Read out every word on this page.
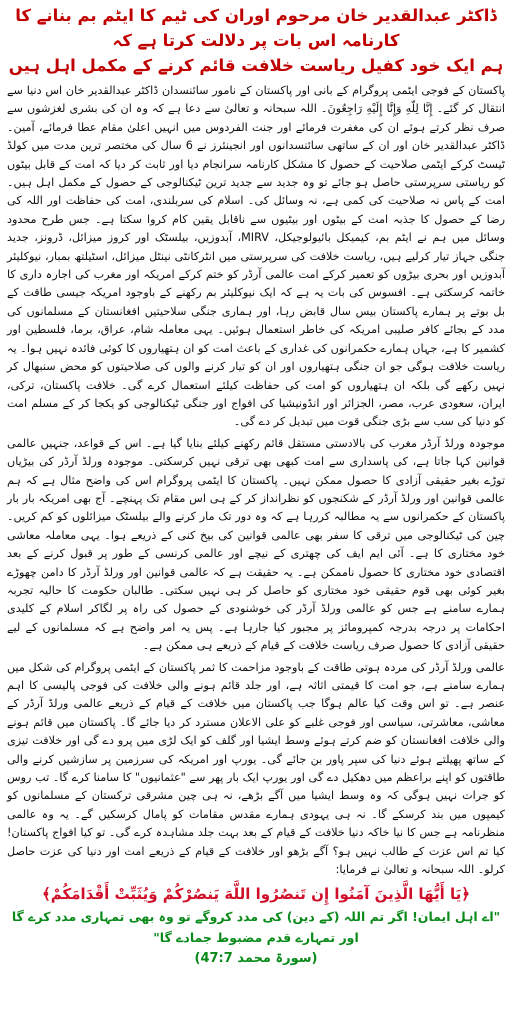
ڈاکٹر عبدالقدیر خان مرحوم اوران کی ٹیم کا ایٹم بم بنانے کا کارنامہ اس بات پر دلالت کرتا ہے کہ
ہم ایک خود کفیل ریاست خلافت قائم کرنے کے مکمل اہل ہیں

پاکستان کے فوجی ایٹمی پروگرام کے بانی اور پاکستان کے نامور سائنسدان ڈاکٹر عبدالقدیر خان اس دنیا سے انتقال کر گئے۔ إِنَّا لِلّهِ وَإِنَّا إِلَيْهِ رَاجِعُونَ۔ اللہ سبحانہ و تعالیٰ سے دعا ہے کہ وہ ان کی بشری لغزشوں سے صرف نظر کرتے ہوئے ان کی مغفرت فرمائے اور جنت الفردوس میں انہیں اعلیٰ مقام عطا فرمائے، آمین۔ ڈاکٹر عبدالقدیر خان اور ان کے ساتھی سائنسدانوں اور انجینئرز نے 6 سال کی مختصر ترین مدت میں کولڈ ٹیسٹ کرکے ایٹمی صلاحیت کے حصول کا مشکل کارنامہ سرانجام دیا اور ثابت کر دیا کہ امت کے قابل بیٹوں کو ریاستی سرپرستی حاصل ہو جائے تو وہ جدید سے جدید ترین ٹیکنالوجی کے حصول کے مکمل اہل ہیں۔ امت کے پاس نہ صلاحیت کی کمی ہے، نہ وسائل کی۔ اسلام کی سربلندی، امت کی حفاظت اور اللہ کی رضا کے حصول کا جذبہ امت کے بیٹوں اور بیٹیوں سے ناقابل یقین کام کروا سکتا ہے۔ جس طرح محدود وسائل میں ہم نے ایٹم بم، کیمیکل بائیولوجیکل، MIRV، آبدوزیں، بیلسٹک اور کروز میزائل، ڈرونز، جدید جنگی جہاز تیار کرلیے ہیں، ریاست خلافت کی سرپرستی میں انٹرکانٹی نینٹل میزائل، اسٹیلتھ بمبار، نیوکلیئر آبدوزیں اور بحری بیڑوں کو تعمیر کرکے امت عالمی آرڈر کو ختم کرکے امریکہ اور مغرب کی اجارہ داری کا خاتمہ کرسکتی ہے۔ افسوس کی بات یہ ہے کہ ایک نیوکلیئر بم رکھنے کے باوجود امریکہ جیسی طاقت کے بل بوتے پر ہمارے پاکستان بیس سال قابض رہا، اور ہماری جنگی سلاحیتیں افغانستان کے مسلمانوں کی مدد کے بجائے کافر صلیبی امریکہ کی خاطر استعمال ہوئیں۔ یہی معاملہ شام، عراق، برما، فلسطین اور کشمیر کا ہے، جہاں ہمارے حکمرانوں کی غداری کے باعث امت کو ان ہتھیاروں کا کوئی فائدہ نہیں ہوا۔ یہ ریاست خلافت ہوگی جو ان جنگی ہتھیاروں اور ان کو تیار کرنے والوں کی صلاحیتوں کو محض سنبھال کر نہیں رکھے گی بلکہ ان ہتھیاروں کو امت کی حفاظت کیلئے استعمال کرے گی۔ خلافت پاکستان، ترکی، ایران، سعودی عرب، مصر، الجزائر اور انڈونیشیا کی افواج اور جنگی ٹیکنالوجی کو یکجا کر کے مسلم امت کو دنیا کی سب سے بڑی جنگی قوت میں تبدیل کر دے گی۔

موجودہ ورلڈ آرڈر مغرب کی بالادستی مستقل قائم رکھنے کیلئے بنایا گیا ہے۔ اس کے قواعد، جنہیں عالمی قوانین کہا جاتا ہے، کی پاسداری سے امت کبھی بھی ترقی نہیں کرسکتی۔ موجودہ ورلڈ آرڈر کی بیڑیاں توڑے بغیر حقیقی آزادی کا حصول ممکن نہیں۔ پاکستان کا ایٹمی پروگرام اس کی واضح مثال ہے کہ ہم عالمی قوانین اور ورلڈ آرڈر کے شکنجوں کو نظرانداز کر کے ہی اس مقام تک پہنچے۔ آج بھی امریکہ بار بار پاکستان کے حکمرانوں سے یہ مطالبہ کررہا ہے کہ وہ دور تک مار کرنے والے بیلسٹک میزائلوں کو کم کریں۔ چین کی ٹیکنالوجی میں ترقی کا سفر بھی عالمی قوانین کی بیخ کنی کے ذریعے ہوا۔ یہی معاملہ معاشی خود مختاری کا ہے۔ آئی ایم ایف کی چھتری کے نیچے اور عالمی کرنسی کے طور پر قبول کرنے کے بعد اقتصادی خود مختاری کا حصول ناممکن ہے۔ یہ حقیقت ہے کہ عالمی قوانین اور ورلڈ آرڈر کا دامن چھوڑے بغیر کوئی بھی قوم حقیقی خود مختاری کو حاصل کر ہی نہیں سکتی۔ طالبان حکومت کا حالیہ تجربہ ہمارے سامنے ہے جس کو عالمی ورلڈ آرڈر کی خوشنودی کے حصول کی راہ پر لگاکر اسلام کے کلیدی احکامات پر درجہ بدرجہ کمپرومائز پر مجبور کیا جارہا ہے۔ پس یہ امر واضح ہے کہ مسلمانوں کے لیے حقیقی آزادی کا حصول صرف ریاست خلافت کے قیام کے ذریعے ہی ممکن ہے۔

عالمی ورلڈ آرڈر کی مردہ ہوتی طاقت کے باوجود مزاحمت کا ثمر پاکستان کے ایٹمی پروگرام کی شکل میں ہمارے سامنے ہے، جو امت کا قیمتی اثاثہ ہے، اور جلد قائم ہونے والی خلافت کی فوجی پالیسی کا اہم عنصر ہے۔ تو اس وقت کیا عالم ہوگا جب پاکستان میں خلافت کے قیام کے ذریعے عالمی ورلڈ آرڈر کے معاشی، معاشرتی، سیاسی اور فوجی غلبے کو علی الاعلان مسترد کر دیا جائے گا۔ پاکستان میں قائم ہونے والی خلافت افغانستان کو ضم کرتے ہوئے وسط ایشیا اور گلف کو ایک لڑی میں پرو دے گی اور خلافت تیزی کے ساتھ پھیلتے ہوئے دنیا کی سپر پاور بن جائے گی۔ یورپ اور امریکہ کی سرزمین پر سازشیں کرنے والی طاقتوں کو اپنے براعظم میں دھکیل دے گی اور یورپ ایک بار پھر سے "عثمانیوں" کا سامنا کرے گا۔ تب روس کو جرات نہیں ہوگی کہ وہ وسط ایشیا میں آگے بڑھے، نہ ہی چین مشرقی ترکستان کے مسلمانوں کو کیمپوں میں بند کرسکے گا۔ نہ ہی یہودی ہمارے مقدس مقامات کو پامال کرسکیں گے۔ یہ وہ عالمی منظرنامہ ہے جس کا نیا خاکہ دنیا خلافت کے قیام کے بعد بہت جلد مشاہدہ کرے گی۔ تو کیا افواج پاکستان! کیا تم اس عزت کے طالب نہیں ہو؟ آگے بڑھو اور خلافت کے قیام کے ذریعے امت اور دنیا کی عزت حاصل کرلو۔ اللہ سبحانہ و تعالیٰ نے فرمایا:

﴿يَا أَيُّهَا الَّذِينَ آمَنُوا إِن تَنصُرُوا اللَّهَ يَنصُرْكُمْ وَيُثَبِّتْ أَقْدَامَكُمْ﴾
"اے اہل ایمان! اگر تم اللہ (کے دین) کی مدد کروگے تو وہ بھی تمہاری مدد کرے گا اور تمہارے قدم مضبوط جمادے گا"
(سورۃ محمد 47:7)
